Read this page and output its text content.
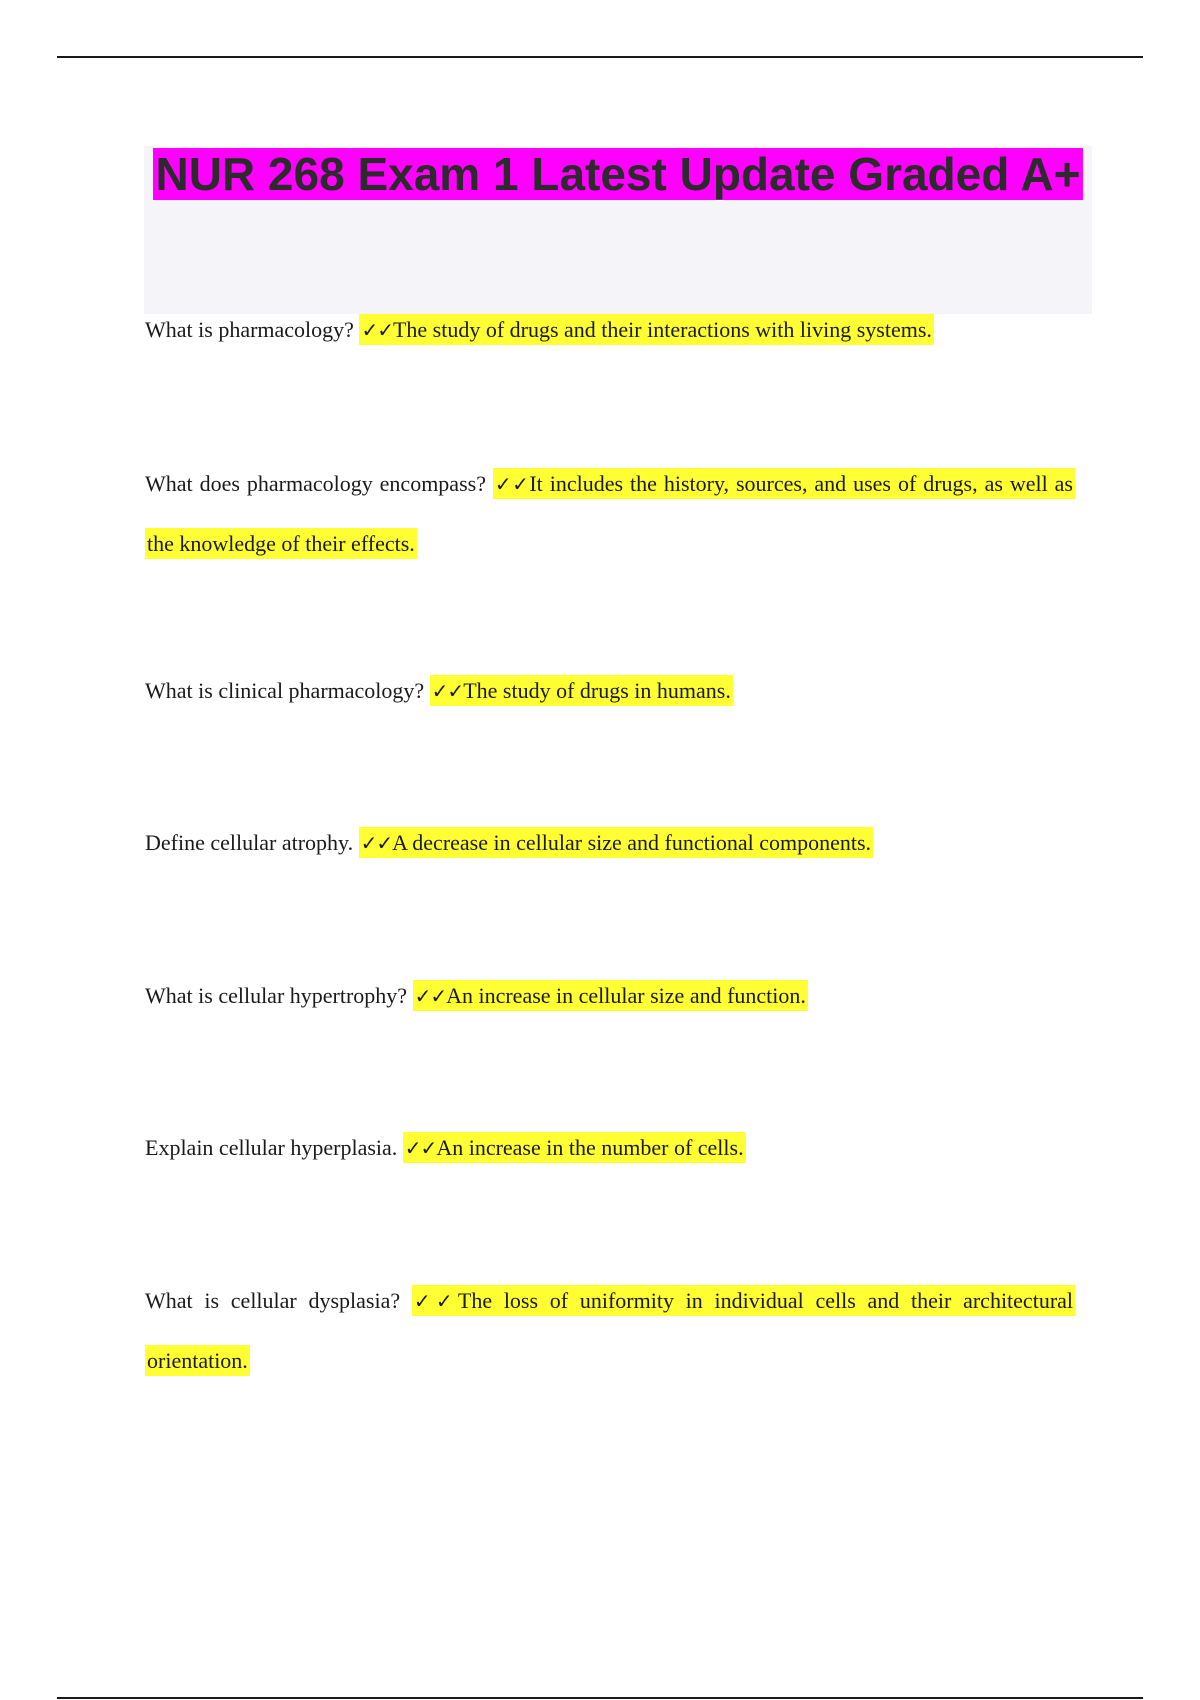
NUR 268 Exam 1 Latest Update Graded A+

What is pharmacology? ✓✓The study of drugs and their interactions with living systems.

What does pharmacology encompass? ✓✓It includes the history, sources, and uses of drugs, as well as the knowledge of their effects.

What is clinical pharmacology? ✓✓The study of drugs in humans.

Define cellular atrophy. ✓✓A decrease in cellular size and functional components.

What is cellular hypertrophy? ✓✓An increase in cellular size and function.

Explain cellular hyperplasia. ✓✓An increase in the number of cells.

What is cellular dysplasia? ✓✓The loss of uniformity in individual cells and their architectural orientation.
